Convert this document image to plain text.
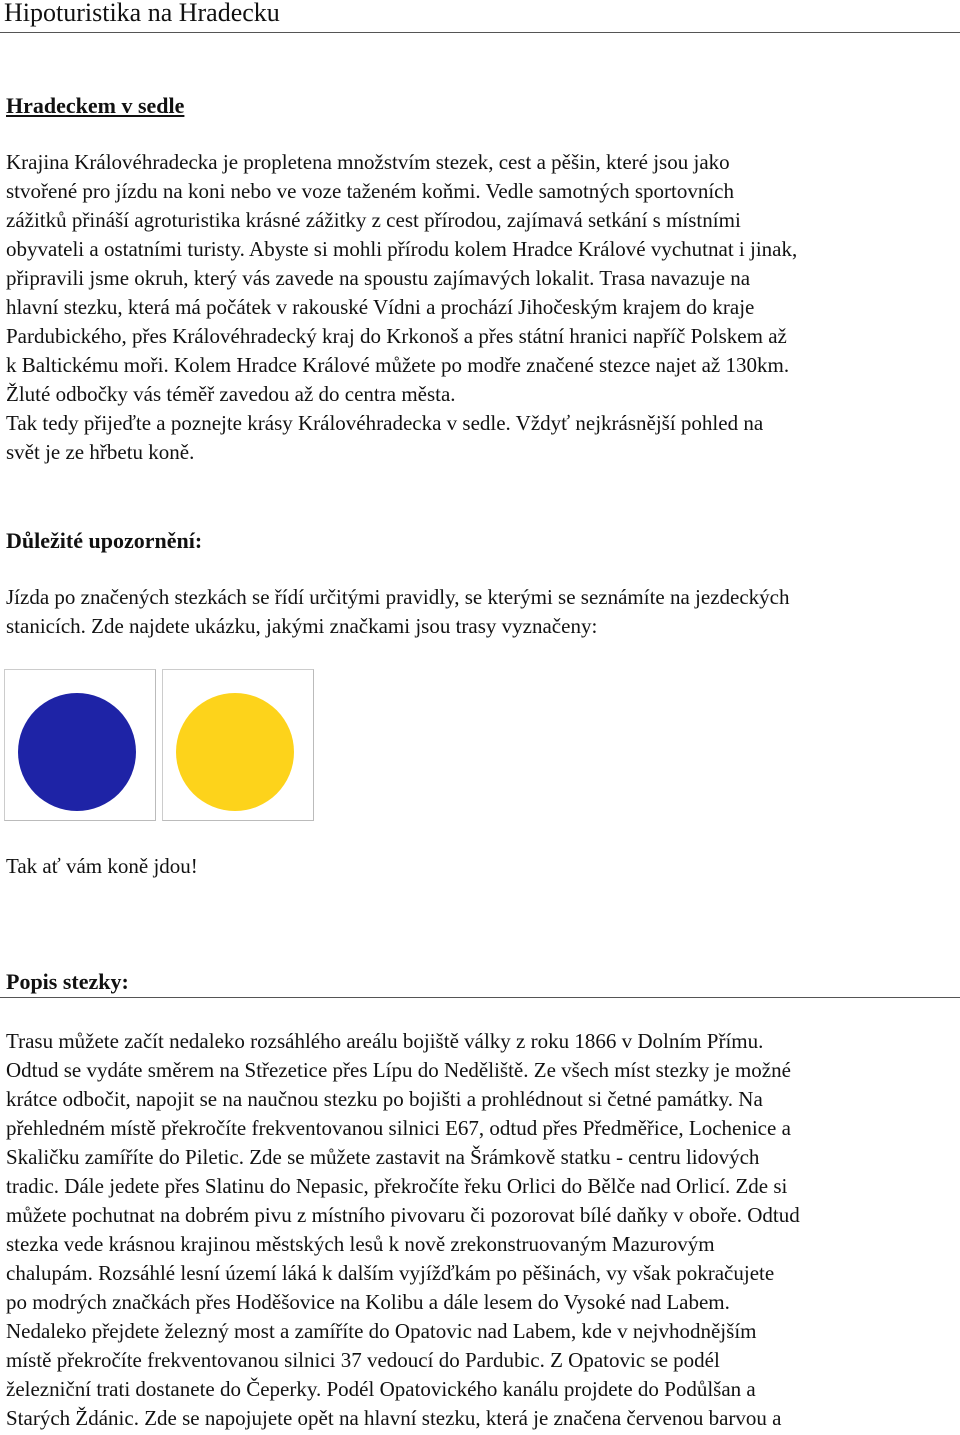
Hipoturistika na Hradecku
Hradeckem v sedle
Krajina Královéhradecka je propletena množstvím stezek, cest a pěšin, které jsou jako
stvořené pro jízdu na koni nebo ve voze taženém koňmi. Vedle samotných sportovních
zážitků přináší agroturistika krásné zážitky z cest přírodou, zajímavá setkání s místními
obyvateli a ostatními turisty. Abyste si mohli přírodu kolem Hradce Králové vychutnat i jinak,
připravili jsme okruh, který vás zavede na spoustu zajímavých lokalit. Trasa navazuje na
hlavní stezku, která má počátek v rakouské Vídni a prochází Jihočeským krajem do kraje
Pardubického, přes Královéhradecký kraj do Krkonoš a přes státní hranici napříč Polskem až
k Baltickému moři. Kolem Hradce Králové můžete po modře značené stezce najet až 130km.
Žluté odbočky vás téměř zavedou až do centra města.
Tak tedy přijeďte a poznejte krásy Královéhradecka v sedle. Vždyť nejkrásnější pohled na
svět je ze hřbetu koně.
Důležité upozornění:
Jízda po značených stezkách se řídí určitými pravidly, se kterými se seznámíte na jezdeckých
stanicích. Zde najdete ukázku, jakými značkami jsou trasy vyznačeny:

Tak ať vám koně jdou!

Popis stezky:
Trasu můžete začít nedaleko rozsáhlého areálu bojiště války z roku 1866 v Dolním Přímu.
Odtud se vydáte směrem na Střezetice přes Lípu do Neděliště. Ze všech míst stezky je možné
krátce odbočit, napojit se na naučnou stezku po bojišti a prohlédnout si četné památky. Na
přehledném místě překročíte frekventovanou silnici E67, odtud přes Předměřice, Lochenice a
Skaličku zamíříte do Piletic. Zde se můžete zastavit na Šrámkově statku - centru lidových
tradic. Dále jedete přes Slatinu do Nepasic, překročíte řeku Orlici do Bělče nad Orlicí. Zde si
můžete pochutnat na dobrém pivu z místního pivovaru či pozorovat bílé daňky v oboře. Odtud
stezka vede krásnou krajinou městských lesů k nově zrekonstruovaným Mazurovým
chalupám. Rozsáhlé lesní území láká k dalším vyjížďkám po pěšinách, vy však pokračujete
po modrých značkách přes Hoděšovice na Kolibu a dále lesem do Vysoké nad Labem.
Nedaleko přejdete železný most a zamíříte do Opatovic nad Labem, kde v nejvhodnějším
místě překročíte frekventovanou silnici 37 vedoucí do Pardubic. Z Opatovic se podél
železniční trati dostanete do Čeperky. Podél Opatovického kanálu projdete do Podůlšan a
Starých Ždánic. Zde se napojujete opět na hlavní stezku, která je značena červenou barvou a
